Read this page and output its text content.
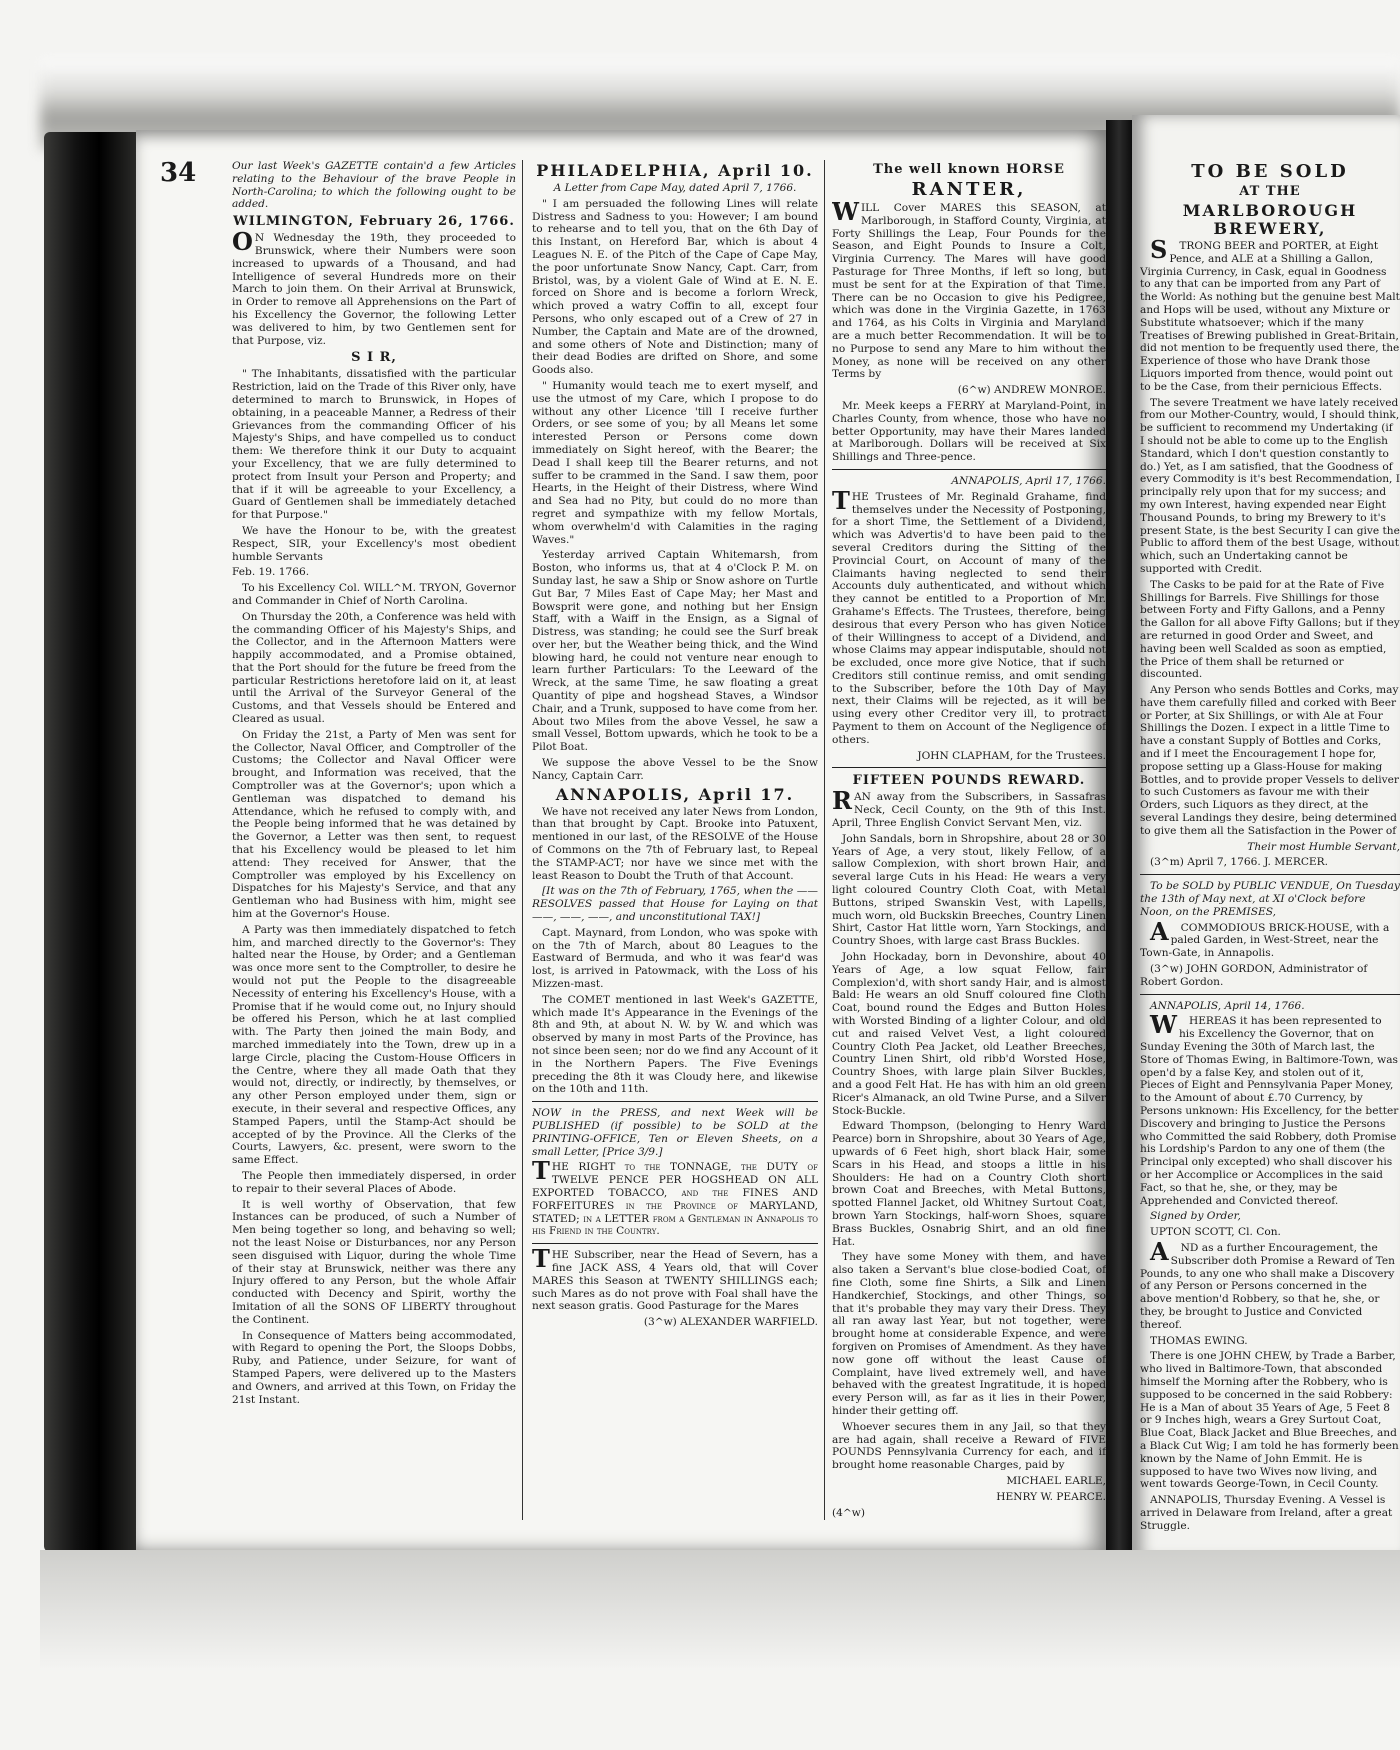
34	Our last Week's GAZETTE contain'd a few Articles relating to the Behaviour of the brave People in North-Carolina; to which the following ought to be added.

WILMINGTON, February 26, 1766.

ON Wednesday the 19th, they proceeded to Brunswick, where their Numbers were soon increased to upwards of a Thousand, and had Intelligence of several Hundreds more on their March to join them. On their Arrival at Brunswick, in Order to remove all Apprehensions on the Part of his Excellency the Governor, the following Letter was delivered to him, by two Gentlemen sent for that Purpose, viz.

S I R,

" The Inhabitants, dissatisfied with the particular Restriction, laid on the Trade of this River only, have determined to march to Brunswick, in Hopes of obtaining, in a peaceable Manner, a Redress of their Grievances from the commanding Officer of his Majesty's Ships, and have compelled us to conduct them: We therefore think it our Duty to acquaint your Excellency, that we are fully determined to protect from Insult your Person and Property; and that if it will be agreeable to your Excellency, a Guard of Gentlemen shall be immediately detached for that Purpose."

We have the Honour to be, with the greatest Respect, SIR, your Excellency's most obedient humble Servants

Feb. 19. 1766.

To his Excellency Col. WILL^M. TRYON, Governor and Commander in Chief of North Carolina.

On Thursday the 20th, a Conference was held with the commanding Officer of his Majesty's Ships, and the Collector, and in the Afternoon Matters were happily accommodated, and a Promise obtained, that the Port should for the future be freed from the particular Restrictions heretofore laid on it, at least until the Arrival of the Surveyor General of the Customs, and that Vessels should be Entered and Cleared as usual.

On Friday the 21st, a Party of Men was sent for the Collector, Naval Officer, and Comptroller of the Customs; the Collector and Naval Officer were brought, and Information was received, that the Comptroller was at the Governor's; upon which a Gentleman was dispatched to demand his Attendance, which he refused to comply with, and the People being informed that he was detained by the Governor, a Letter was then sent, to request that his Excellency would be pleased to let him attend: They received for Answer, that the Comptroller was employed by his Excellency on Dispatches for his Majesty's Service, and that any Gentleman who had Business with him, might see him at the Governor's House.

A Party was then immediately dispatched to fetch him, and marched directly to the Governor's: They halted near the House, by Order; and a Gentleman was once more sent to the Comptroller, to desire he would not put the People to the disagreeable Necessity of entering his Excellency's House, with a Promise that if he would come out, no Injury should be offered his Person, which he at last complied with. The Party then joined the main Body, and marched immediately into the Town, drew up in a large Circle, placing the Custom-House Officers in the Centre, where they all made Oath that they would not, directly, or indirectly, by themselves, or any other Person employed under them, sign or execute, in their several and respective Offices, any Stamped Papers, until the Stamp-Act should be accepted of by the Province. All the Clerks of the Courts, Lawyers, &c. present, were sworn to the same Effect.

The People then immediately dispersed, in order to repair to their several Places of Abode.

It is well worthy of Observation, that few Instances can be produced, of such a Number of Men being together so long, and behaving so well; not the least Noise or Disturbances, nor any Person seen disguised with Liquor, during the whole Time of their stay at Brunswick, neither was there any Injury offered to any Person, but the whole Affair conducted with Decency and Spirit, worthy the Imitation of all the SONS OF LIBERTY throughout the Continent.

In Consequence of Matters being accommodated, with Regard to opening the Port, the Sloops Dobbs, Ruby, and Patience, under Seizure, for want of Stamped Papers, were delivered up to the Masters and Owners, and arrived at this Town, on Friday the 21st Instant.

PHILADELPHIA, April 10.

A Letter from Cape May, dated April 7, 1766.

" I am persuaded the following Lines will relate Distress and Sadness to you: However; I am bound to rehearse and to tell you, that on the 6th Day of this Instant, on Hereford Bar, which is about 4 Leagues N. E. of the Pitch of the Cape of Cape May, the poor unfortunate Snow Nancy, Capt. Carr, from Bristol, was, by a violent Gale of Wind at E. N. E. forced on Shore and is become a forlorn Wreck, which proved a watry Coffin to all, except four Persons, who only escaped out of a Crew of 27 in Number, the Captain and Mate are of the drowned, and some others of Note and Distinction; many of their dead Bodies are drifted on Shore, and some Goods also.

" Humanity would teach me to exert myself, and use the utmost of my Care, which I propose to do without any other Licence 'till I receive further Orders, or see some of you; by all Means let some interested Person or Persons come down immediately on Sight hereof, with the Bearer; the Dead I shall keep till the Bearer returns, and not suffer to be crammed in the Sand. I saw them, poor Hearts, in the Height of their Distress, where Wind and Sea had no Pity, but could do no more than regret and sympathize with my fellow Mortals, whom overwhelm'd with Calamities in the raging Waves."

Yesterday arrived Captain Whitemarsh, from Boston, who informs us, that at 4 o'Clock P. M. on Sunday last, he saw a Ship or Snow ashore on Turtle Gut Bar, 7 Miles East of Cape May; her Mast and Bowsprit were gone, and nothing but her Ensign Staff, with a Waiff in the Ensign, as a Signal of Distress, was standing; he could see the Surf break over her, but the Weather being thick, and the Wind blowing hard, he could not venture near enough to learn further Particulars: To the Leeward of the Wreck, at the same Time, he saw floating a great Quantity of pipe and hogshead Staves, a Windsor Chair, and a Trunk, supposed to have come from her. About two Miles from the above Vessel, he saw a small Vessel, Bottom upwards, which he took to be a Pilot Boat.

We suppose the above Vessel to be the Snow Nancy, Captain Carr.

ANNAPOLIS, April 17.

We have not received any later News from London, than that brought by Capt. Brooke into Patuxent, mentioned in our last, of the RESOLVE of the House of Commons on the 7th of February last, to Repeal the STAMP-ACT; nor have we since met with the least Reason to Doubt the Truth of that Account.

[It was on the 7th of February, 1765, when the —— RESOLVES passed that House for Laying on that ——, ——, ——, and unconstitutional TAX!]

Capt. Maynard, from London, who was spoke with on the 7th of March, about 80 Leagues to the Eastward of Bermuda, and who it was fear'd was lost, is arrived in Patowmack, with the Loss of his Mizzen-mast.

The COMET mentioned in last Week's GAZETTE, which made It's Appearance in the Evenings of the 8th and 9th, at about N. W. by W. and which was observed by many in most Parts of the Province, has not since been seen; nor do we find any Account of it in the Northern Papers. The Five Evenings preceding the 8th it was Cloudy here, and likewise on the 10th and 11th.

NOW in the PRESS, and next Week will be PUBLISHED (if possible) to be SOLD at the PRINTING-OFFICE, Ten or Eleven Sheets, on a small Letter, [Price 3/9.]

THE RIGHT to the TONNAGE, the DUTY of TWELVE PENCE PER HOGSHEAD ON ALL EXPORTED TOBACCO, and the FINES AND FORFEITURES in the Province of MARYLAND, STATED; in a LETTER from a Gentleman in Annapolis to his Friend in the Country.

THE Subscriber, near the Head of Severn, has a fine JACK ASS, 4 Years old, that will Cover MARES this Season at TWENTY SHILLINGS each; such Mares as do not prove with Foal shall have the next season gratis. Good Pasturage for the Mares

(3^w) ALEXANDER WARFIELD.

The well known HORSE
RANTER,

WILL Cover MARES this SEASON, at Marlborough, in Stafford County, Virginia, at Forty Shillings the Leap, Four Pounds for the Season, and Eight Pounds to Insure a Colt, Virginia Currency. The Mares will have good Pasturage for Three Months, if left so long, but must be sent for at the Expiration of that Time. There can be no Occasion to give his Pedigree, which was done in the Virginia Gazette, in 1763 and 1764, as his Colts in Virginia and Maryland are a much better Recommendation. It will be to no Purpose to send any Mare to him without the Money, as none will be received on any other Terms by

(6^w) ANDREW MONROE.

Mr. Meek keeps a FERRY at Maryland-Point, in Charles County, from whence, those who have no better Opportunity, may have their Mares landed at Marlborough. Dollars will be received at Six Shillings and Three-pence.

ANNAPOLIS, April 17, 1766.

THE Trustees of Mr. Reginald Grahame, find themselves under the Necessity of Postponing, for a short Time, the Settlement of a Dividend, which was Advertis'd to have been paid to the several Creditors during the Sitting of the Provincial Court, on Account of many of the Claimants having neglected to send their Accounts duly authenticated, and without which they cannot be entitled to a Proportion of Mr. Grahame's Effects. The Trustees, therefore, being desirous that every Person who has given Notice of their Willingness to accept of a Dividend, and whose Claims may appear indisputable, should not be excluded, once more give Notice, that if such Creditors still continue remiss, and omit sending to the Subscriber, before the 10th Day of May next, their Claims will be rejected, as it will be using every other Creditor very ill, to protract Payment to them on Account of the Negligence of others.

JOHN CLAPHAM, for the Trustees.

FIFTEEN POUNDS REWARD.

RAN away from the Subscribers, in Sassafras Neck, Cecil County, on the 9th of this Inst. April, Three English Convict Servant Men, viz.

John Sandals, born in Shropshire, about 28 or 30 Years of Age, a very stout, likely Fellow, of a sallow Complexion, with short brown Hair, and several large Cuts in his Head: He wears a very light coloured Country Cloth Coat, with Metal Buttons, striped Swanskin Vest, with Lapells, much worn, old Buckskin Breeches, Country Linen Shirt, Castor Hat little worn, Yarn Stockings, and Country Shoes, with large cast Brass Buckles.

John Hockaday, born in Devonshire, about 40 Years of Age, a low squat Fellow, fair Complexion'd, with short sandy Hair, and is almost Bald: He wears an old Snuff coloured fine Cloth Coat, bound round the Edges and Button Holes with Worsted Binding of a lighter Colour, and old cut and raised Velvet Vest, a light coloured Country Cloth Pea Jacket, old Leather Breeches, Country Linen Shirt, old ribb'd Worsted Hose, Country Shoes, with large plain Silver Buckles, and a good Felt Hat. He has with him an old green Ricer's Almanack, an old Twine Purse, and a Silver Stock-Buckle.

Edward Thompson, (belonging to Henry Ward Pearce) born in Shropshire, about 30 Years of Age, upwards of 6 Feet high, short black Hair, some Scars in his Head, and stoops a little in his Shoulders: He had on a Country Cloth short brown Coat and Breeches, with Metal Buttons, spotted Flannel Jacket, old Whitney Surtout Coat, brown Yarn Stockings, half-worn Shoes, square Brass Buckles, Osnabrig Shirt, and an old fine Hat.

They have some Money with them, and have also taken a Servant's blue close-bodied Coat, of fine Cloth, some fine Shirts, a Silk and Linen Handkerchief, Stockings, and other Things, so that it's probable they may vary their Dress. They all ran away last Year, but not together, were brought home at considerable Expence, and were forgiven on Promises of Amendment. As they have now gone off without the least Cause of Complaint, have lived extremely well, and have behaved with the greatest Ingratitude, it is hoped every Person will, as far as it lies in their Power, hinder their getting off.

Whoever secures them in any Jail, so that they are had again, shall receive a Reward of FIVE POUNDS Pennsylvania Currency for each, and if brought home reasonable Charges, paid by

MICHAEL EARLE,

HENRY W. PEARCE.

(4^w)

TO BE SOLD
AT THE
MARLBOROUGH BREWERY,

STRONG BEER and PORTER, at Eight Pence, and ALE at a Shilling a Gallon, Virginia Currency, in Cask, equal in Goodness to any that can be imported from any Part of the World: As nothing but the genuine best Malt and Hops will be used, without any Mixture or Substitute whatsoever; which if the many Treatises of Brewing published in Great-Britain, did not mention to be frequently used there, the Experience of those who have Drank those Liquors imported from thence, would point out to be the Case, from their pernicious Effects.

The severe Treatment we have lately received from our Mother-Country, would, I should think, be sufficient to recommend my Undertaking (if I should not be able to come up to the English Standard, which I don't question constantly to do.) Yet, as I am satisfied, that the Goodness of every Commodity is it's best Recommendation, I principally rely upon that for my success; and my own Interest, having expended near Eight Thousand Pounds, to bring my Brewery to it's present State, is the best Security I can give the Public to afford them of the best Usage, without which, such an Undertaking cannot be supported with Credit.

The Casks to be paid for at the Rate of Five Shillings for Barrels. Five Shillings for those between Forty and Fifty Gallons, and a Penny the Gallon for all above Fifty Gallons; but if they are returned in good Order and Sweet, and having been well Scalded as soon as emptied, the Price of them shall be returned or discounted.

Any Person who sends Bottles and Corks, may have them carefully filled and corked with Beer or Porter, at Six Shillings, or with Ale at Four Shillings the Dozen. I expect in a little Time to have a constant Supply of Bottles and Corks, and if I meet the Encouragement I hope for, propose setting up a Glass-House for making Bottles, and to provide proper Vessels to deliver to such Customers as favour me with their Orders, such Liquors as they direct, at the several Landings they desire, being determined to give them all the Satisfaction in the Power of

Their most Humble Servant,

(3^m) April 7, 1766. J. MERCER.

To be SOLD by PUBLIC VENDUE, On Tuesday the 13th of May next, at XI o'Clock before Noon, on the PREMISES,

ACOMMODIOUS BRICK-HOUSE, with a paled Garden, in West-Street, near the Town-Gate, in Annapolis.

(3^w) JOHN GORDON, Administrator of Robert Gordon.

ANNAPOLIS, April 14, 1766.

WHEREAS it has been represented to his Excellency the Governor, that on Sunday Evening the 30th of March last, the Store of Thomas Ewing, in Baltimore-Town, was open'd by a false Key, and stolen out of it, Pieces of Eight and Pennsylvania Paper Money, to the Amount of about £.70 Currency, by Persons unknown: His Excellency, for the better Discovery and bringing to Justice the Persons who Committed the said Robbery, doth Promise his Lordship's Pardon to any one of them (the Principal only excepted) who shall discover his or her Accomplice or Accomplices in the said Fact, so that he, she, or they, may be Apprehended and Convicted thereof.

Signed by Order,

UPTON SCOTT, Cl. Con.

AND as a further Encouragement, the Subscriber doth Promise a Reward of Ten Pounds, to any one who shall make a Discovery of any Person or Persons concerned in the above mention'd Robbery, so that he, she, or they, be brought to Justice and Convicted thereof.

THOMAS EWING.

There is one JOHN CHEW, by Trade a Barber, who lived in Baltimore-Town, that absconded himself the Morning after the Robbery, who is supposed to be concerned in the said Robbery: He is a Man of about 35 Years of Age, 5 Feet 8 or 9 Inches high, wears a Grey Surtout Coat, Blue Coat, Black Jacket and Blue Breeches, and a Black Cut Wig; I am told he has formerly been known by the Name of John Emmit. He is supposed to have two Wives now living, and went towards George-Town, in Cecil County.

ANNAPOLIS, Thursday Evening. A Vessel is arrived in Delaware from Ireland, after a great Struggle.
